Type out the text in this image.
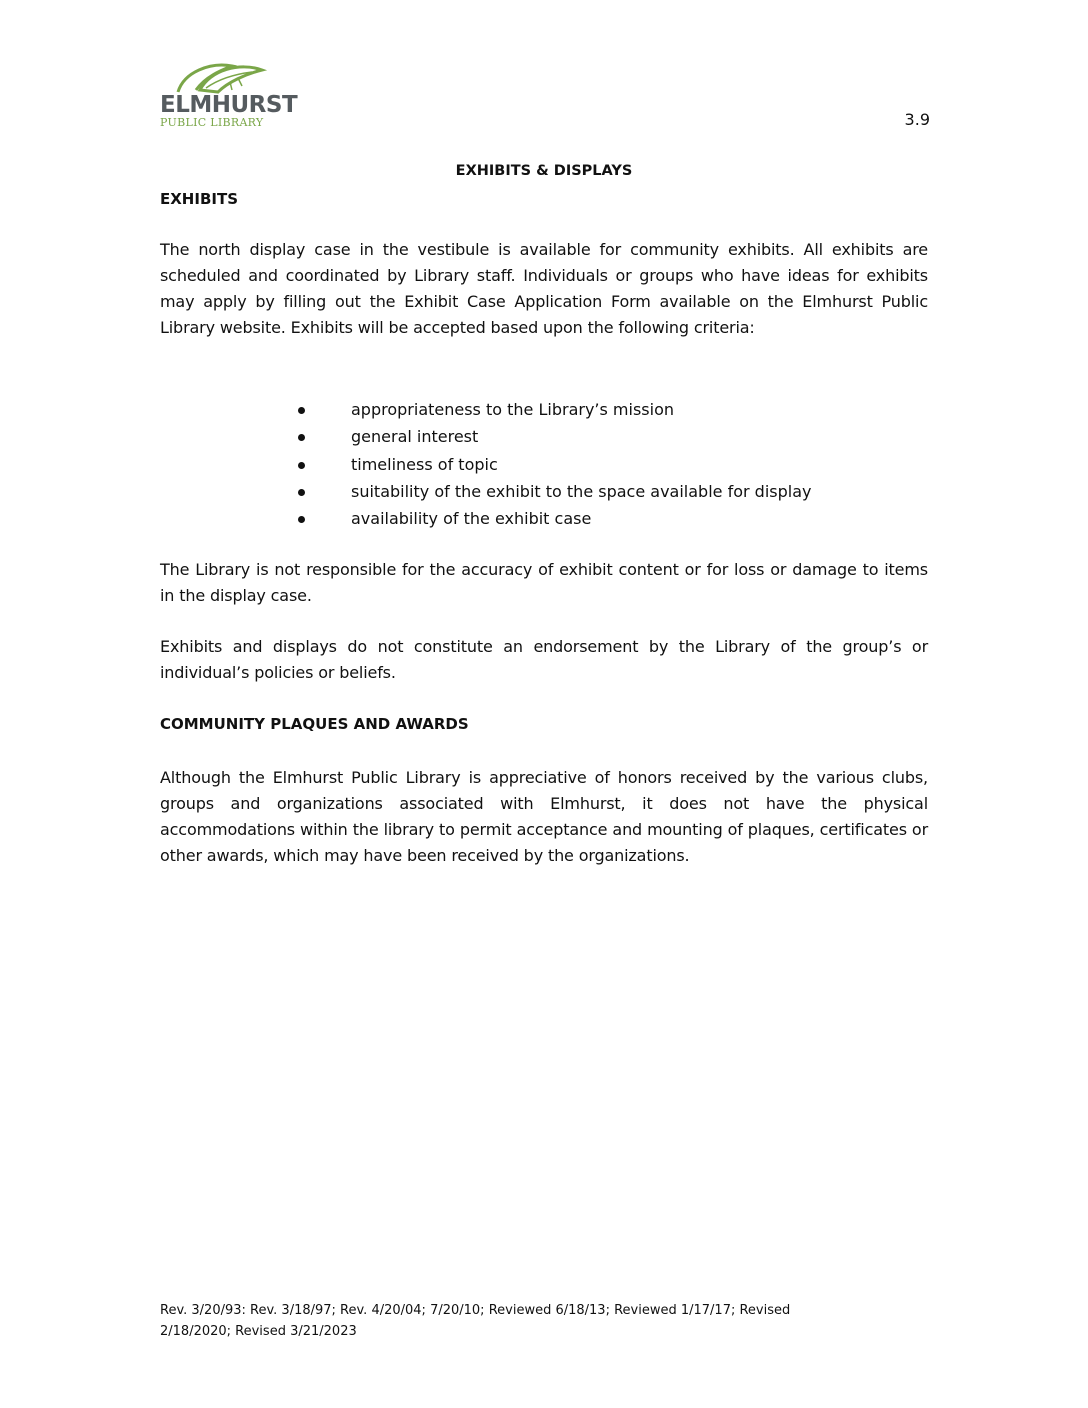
ELMHURST
PUBLIC LIBRARY	3.9
EXHIBITS & DISPLAYS
EXHIBITS
The north display case in the vestibule is available for community exhibits. All exhibits are scheduled and coordinated by Library staff. Individuals or groups who have ideas for exhibits may apply by filling out the Exhibit Case Application Form available on the Elmhurst Public Library website. Exhibits will be accepted based upon the following criteria:
appropriateness to the Library’s mission
general interest
timeliness of topic
suitability of the exhibit to the space available for display
availability of the exhibit case
The Library is not responsible for the accuracy of exhibit content or for loss or damage to items in the display case.
Exhibits and displays do not constitute an endorsement by the Library of the group’s or individual’s policies or beliefs.
COMMUNITY PLAQUES AND AWARDS
Although the Elmhurst Public Library is appreciative of honors received by the various clubs, groups and organizations associated with Elmhurst, it does not have the physical accommodations within the library to permit acceptance and mounting of plaques, certificates or other awards, which may have been received by the organizations.
Rev. 3/20/93: Rev. 3/18/97; Rev. 4/20/04; 7/20/10; Reviewed 6/18/13; Reviewed 1/17/17; Revised
2/18/2020; Revised 3/21/2023
